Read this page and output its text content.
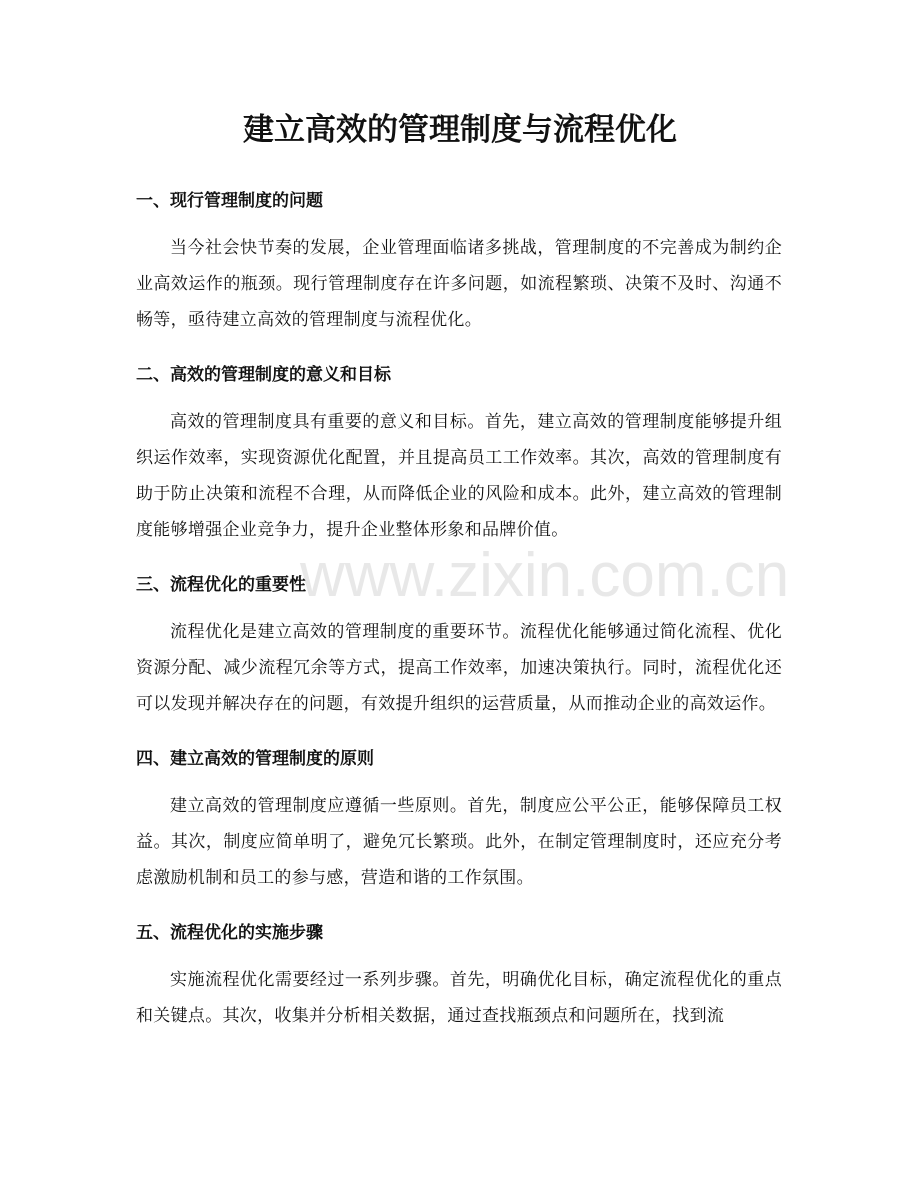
建立高效的管理制度与流程优化
一、现行管理制度的问题

当今社会快节奏的发展，企业管理面临诸多挑战，管理制度的不完善成为制约企业高效运作的瓶颈。现行管理制度存在许多问题，如流程繁琐、决策不及时、沟通不畅等，亟待建立高效的管理制度与流程优化。

二、高效的管理制度的意义和目标

高效的管理制度具有重要的意义和目标。首先，建立高效的管理制度能够提升组织运作效率，实现资源优化配置，并且提高员工工作效率。其次，高效的管理制度有助于防止决策和流程不合理，从而降低企业的风险和成本。此外，建立高效的管理制度能够增强企业竞争力，提升企业整体形象和品牌价值。

三、流程优化的重要性

流程优化是建立高效的管理制度的重要环节。流程优化能够通过简化流程、优化资源分配、减少流程冗余等方式，提高工作效率，加速决策执行。同时，流程优化还可以发现并解决存在的问题，有效提升组织的运营质量，从而推动企业的高效运作。

四、建立高效的管理制度的原则

建立高效的管理制度应遵循一些原则。首先，制度应公平公正，能够保障员工权益。其次，制度应简单明了，避免冗长繁琐。此外，在制定管理制度时，还应充分考虑激励机制和员工的参与感，营造和谐的工作氛围。

五、流程优化的实施步骤

实施流程优化需要经过一系列步骤。首先，明确优化目标，确定流程优化的重点和关键点。其次，收集并分析相关数据，通过查找瓶颈点和问题所在，找到流

www.zixin.com.cn
